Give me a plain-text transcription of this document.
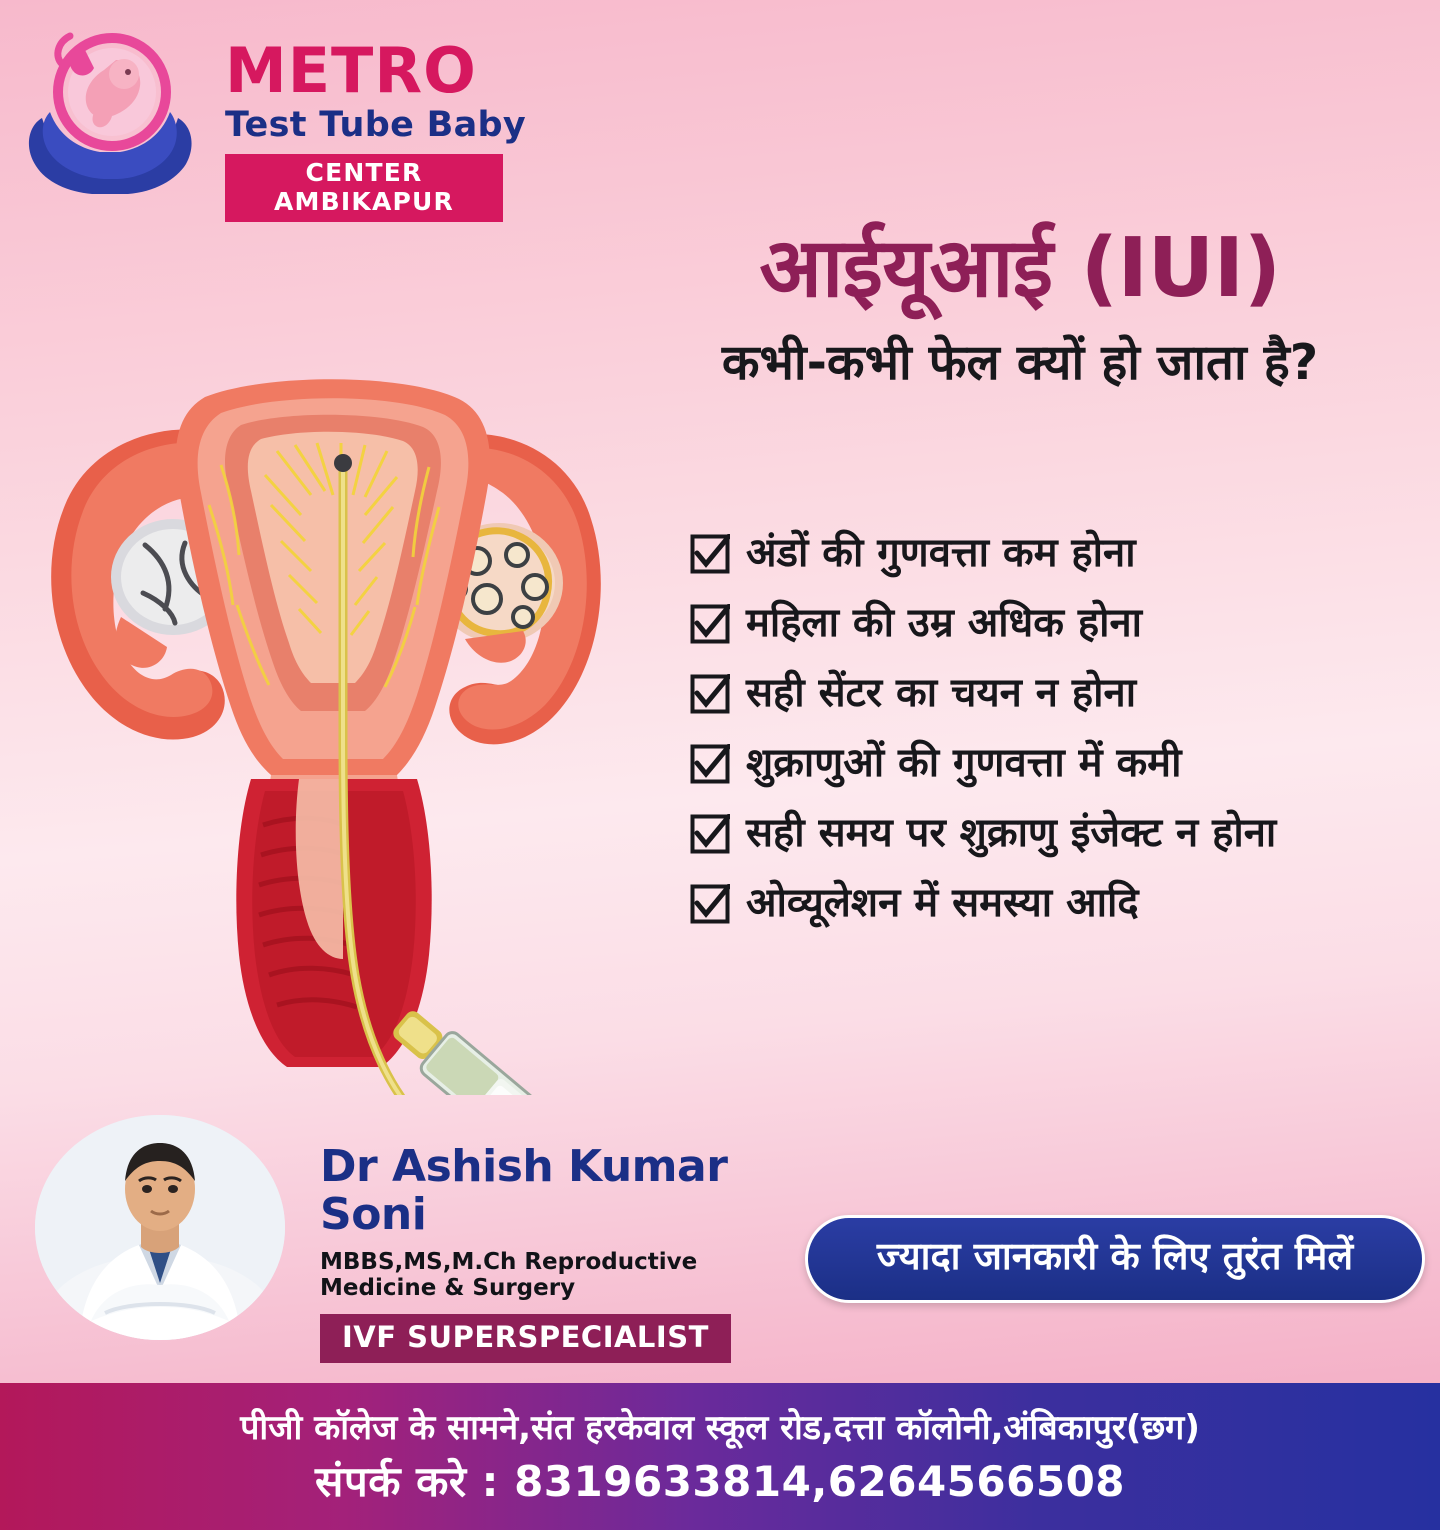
METRO
Test Tube Baby
CENTER AMBIKAPUR
आईयूआई (IUI)
कभी-कभी फेल क्यों हो जाता है?
अंडों की गुणवत्ता कम होना
महिला की उम्र अधिक होना
सही सेंटर का चयन न होना
शुक्राणुओं की गुणवत्ता में कमी
सही समय पर शुक्राणु इंजेक्ट न होना
ओव्यूलेशन में समस्या आदि
Dr Ashish Kumar Soni
MBBS,MS,M.Ch Reproductive Medicine & Surgery
IVF SUPERSPECIALIST
ज्यादा जानकारी के लिए तुरंत मिलें
पीजी कॉलेज के सामने,संत हरकेवाल स्कूल रोड,दत्ता कॉलोनी,अंबिकापुर(छग)
संपर्क करे : 8319633814,6264566508
